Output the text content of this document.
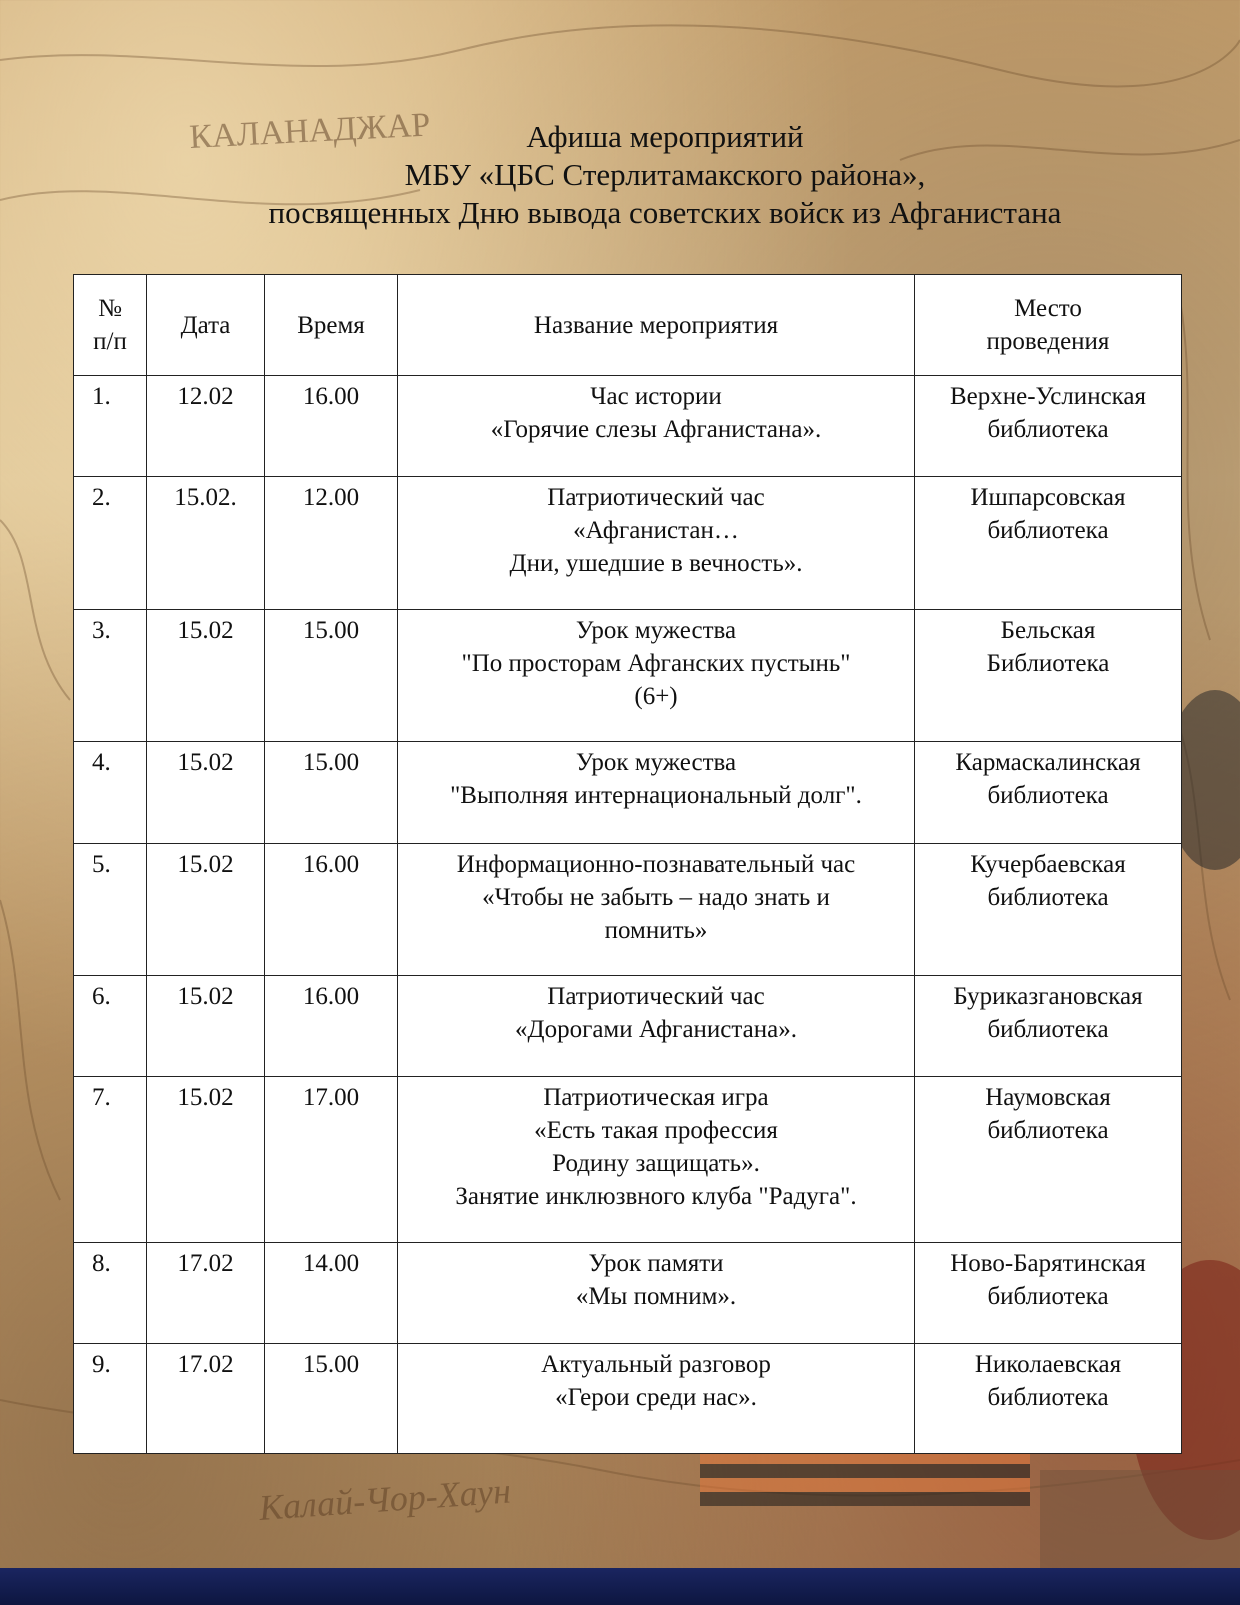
КАЛАНАДЖАР
Калай-Чор-Хаун
Афиша мероприятий
МБУ «ЦБС Стерлитамакского района»,
посвященных Дню вывода советских войск из Афганистана
№
п/п	Дата	Время	Название мероприятия	Место
проведения

1.	12.02	16.00	Час истории
«Горячие слезы Афганистана».	Верхне-Услинская
библиотека

2.	15.02.	12.00	Патриотический час
«Афганистан…
Дни, ушедшие в вечность».	Ишпарсовская
библиотека

3.	15.02	15.00	Урок мужества
"По просторам Афганских пустынь"
(6+)	Бельская
Библиотека

4.	15.02	15.00	Урок мужества
"Выполняя интернациональный долг".	Кармаскалинская
библиотека

5.	15.02	16.00	Информационно-познавательный час
«Чтобы не забыть – надо знать и
помнить»	Кучербаевская
библиотека

6.	15.02	16.00	Патриотический час
«Дорогами Афганистана».	Буриказгановская
библиотека

7.	15.02	17.00	Патриотическая игра
«Есть такая профессия
Родину защищать».
Занятие инклюзвного клуба "Радуга".	Наумовская
библиотека

8.	17.02	14.00	Урок памяти
«Мы помним».	Ново-Барятинская
библиотека

9.	17.02	15.00	Актуальный разговор
«Герои среди нас».	Николаевская
библиотека
